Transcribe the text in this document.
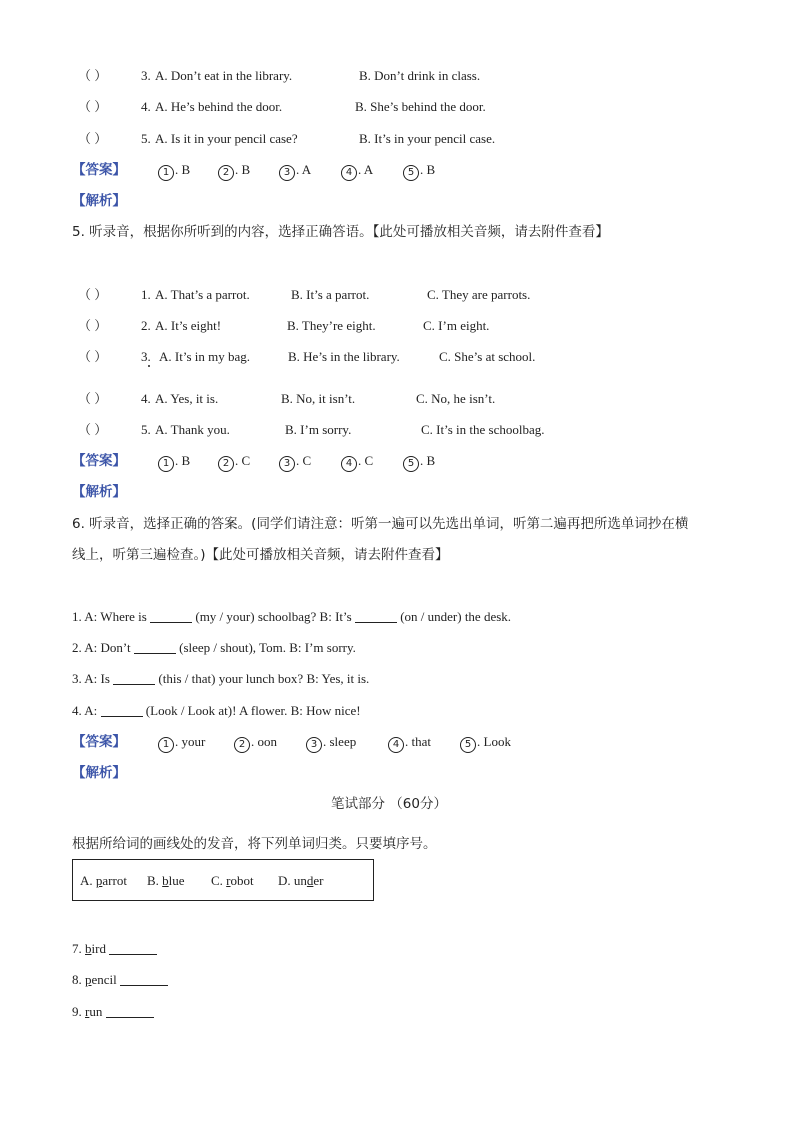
（ ）	3. A. Don’t eat in the library.	B. Don’t drink in class.
（ ）	4. A. He’s behind the door.	B. She’s behind the door.
（ ）	5. A. Is it in your pencil case?	B. It’s in your pencil case.
【答案】	1 . B	2 . B	3 . A	4 . A	5 . B
【解析】
5. 听录音，根据你所听到的内容，选择正确答语。【此处可播放相关音频，请去附件查看】
（ ）	1. A. That’s a parrot.	B. It’s a parrot.	C. They are parrots.
（ ）	2. A. It’s eight!	B. They’re eight.	C. I’m eight.
（ ）	3. A. It’s in my bag.	B. He’s in the library.	C. She’s at school.
（ ）	4. A. Yes, it is.	B. No, it isn’t.	C. No, he isn’t.
（ ）	5. A. Thank you.	B. I’m sorry.	C. It’s in the schoolbag.
【答案】	1 . B	2 . C	3 . C	4 . C	5 . B
【解析】
6. 听录音，选择正确的答案。(同学们请注意：听第一遍可以先选出单词，听第二遍再把所选单词抄在横
线上，听第三遍检查。)【此处可播放相关音频，请去附件查看】
1. A: Where is	(my / your) schoolbag? B: It’s	(on / under) the desk.
2. A: Don’t	(sleep / shout), Tom. B: I’m sorry.
3. A: Is	(this / that) your lunch box? B: Yes, it is.
4. A:	(Look / Look at)! A flower. B: How nice!
【答案】	1 . your	2 . oon	3 . sleep	4 . that	5 . Look
【解析】
笔试部分 （60分）
根据所给词的画线处的发音，将下列单词归类。只要填序号。
A. parrot B. blue C. robot D. under
7. bird
8. pencil
9. run
